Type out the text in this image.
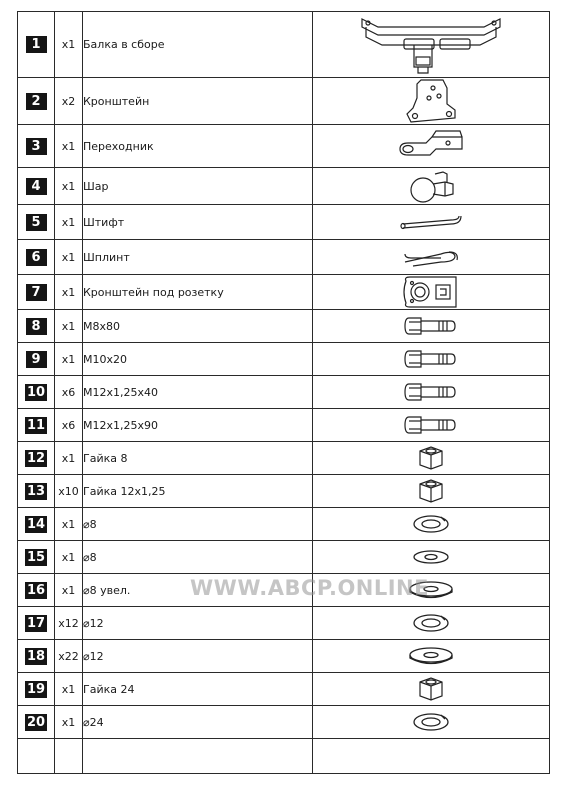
1	x1	Балка в сборе	

2	x2	Кронштейн	

3	x1	Переходник	

4	x1	Шар	

5	x1	Штифт	

6	x1	Шплинт	

7	x1	Кронштейн под розетку	

8	x1	М8x80	

9	x1	М10x20	

10	x6	М12x1,25x40	

11	x6	М12x1,25x90	

12	x1	Гайка 8	

13	x10	Гайка 12x1,25	

14	x1	⌀8	

15	x1	⌀8	

16	x1	⌀8 увел.	

17	x12	⌀12	

18	x22	⌀12	

19	x1	Гайка 24	

20	x1	⌀24	

WWW.ABCP.ONLINE
